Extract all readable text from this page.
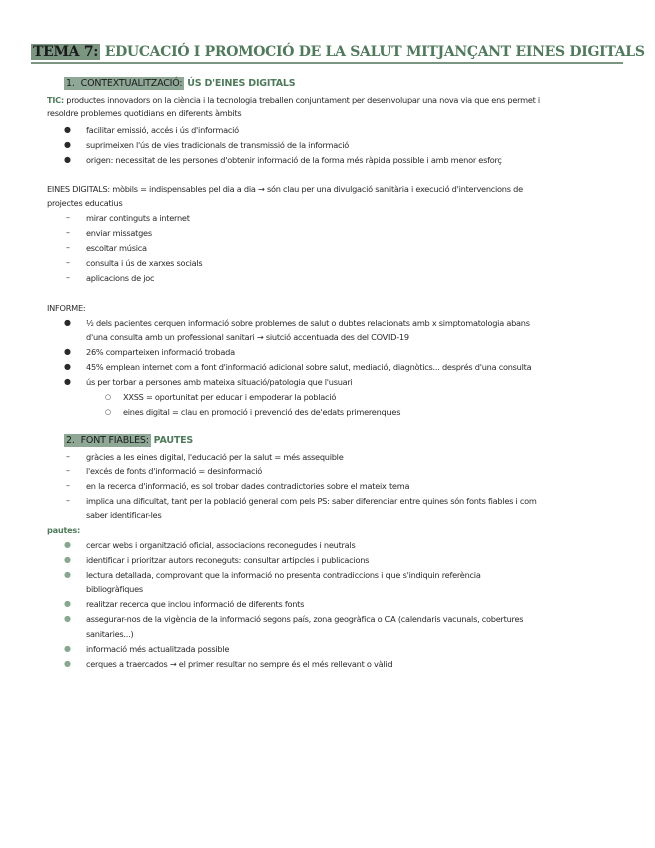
TEMA 7: EDUCACIÓ I PROMOCIÓ DE LA SALUT MITJANÇANT EINES DIGITALS
1. CONTEXTUALITZACIÓ: ÚS D'EINES DIGITALS
TIC: productes innovadors on la ciència i la tecnologia treballen conjuntament per desenvolupar una nova via que ens permet i
resoldre problemes quotidians en diferents àmbits
● facilitar emissió, accés i ús d'informació
● suprimeixen l'ús de vies tradicionals de transmissió de la informació
● origen: necessitat de les persones d'obtenir informació de la forma més ràpida possible i amb menor esforç
EINES DIGITALS: mòbils = indispensables pel dia a dia → són clau per una divulgació sanitària i execució d'intervencions de
projectes educatius
– mirar continguts a internet
– enviar missatges
– escoltar música
– consulta i ús de xarxes socials
– aplicacions de joc
INFORME:
● ½ dels pacientes cerquen informació sobre problemes de salut o dubtes relacionats amb x simptomatologia abans
d'una consulta amb un professional sanitari → siutció accentuada des del COVID-19
● 26% comparteixen informació trobada
● 45% emplean internet com a font d'informació adicional sobre salut, mediació, diagnòtics... després d'una consulta
● ús per torbar a persones amb mateixa situació/patologia que l'usuari
○ XXSS = oportunitat per educar i empoderar la població
○ eines digital = clau en promoció i prevenció des de'edats primerenques
2. FONT FIABLES: PAUTES
– gràcies a les eines digital, l'educació per la salut = més assequible
– l'excés de fonts d'informació = desinformació
– en la recerca d'informació, es sol trobar dades contradictories sobre el mateix tema
– implica una dificultat, tant per la població general com pels PS: saber diferenciar entre quines són fonts fiables i com
saber identificar-les
pautes:
● cercar webs i organització oficial, associacions reconegudes i neutrals
● identificar i prioritzar autors reconeguts: consultar artipcles i publicacions
● lectura detallada, comprovant que la informació no presenta contradiccions i que s'indiquin referència
bibliogràfiques
● realitzar recerca que inclou informació de diferents fonts
● assegurar-nos de la vigència de la informació segons país, zona geogràfica o CA (calendaris vacunals, cobertures
sanitaries...)
● informació més actualitzada possible
● cerques a traercados → el primer resultar no sempre és el més rellevant o vàlid
